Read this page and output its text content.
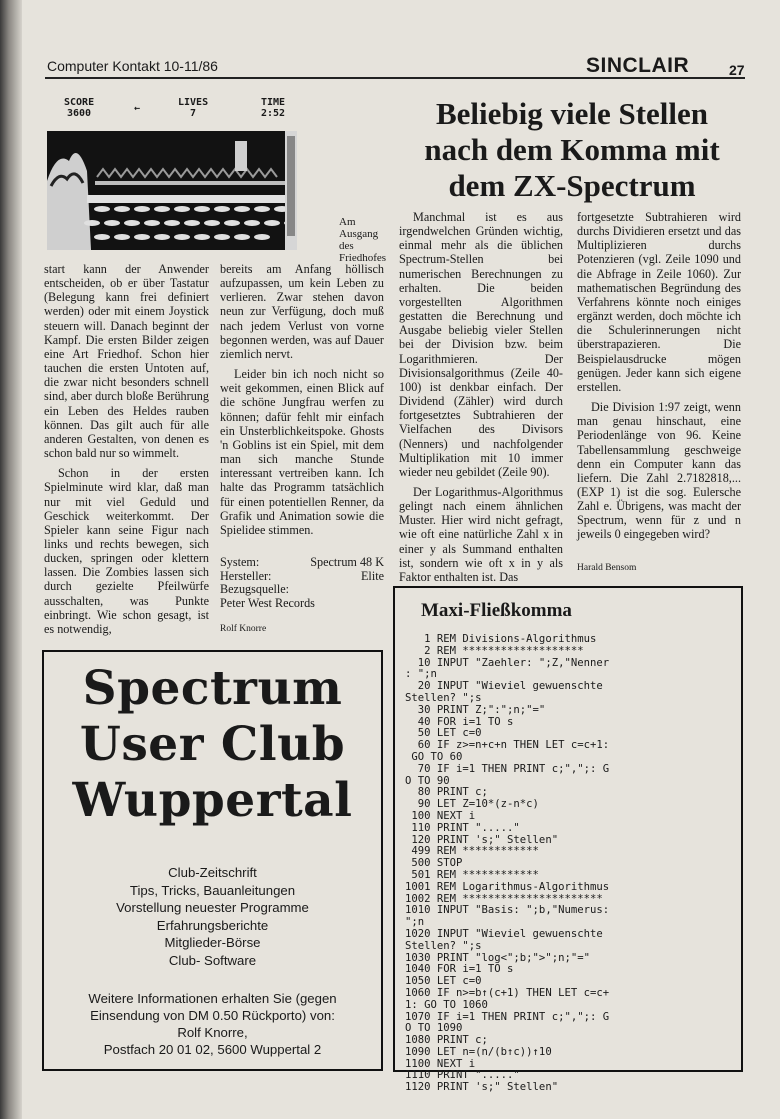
Computer Kontakt 10-11/86	SINCLAIR	27
SCORE
3600	←
LIVES
7
TIME
2:52
Am Ausgang des Friedhofes

start kann der Anwender entscheiden, ob er über Tastatur (Belegung kann frei definiert werden) oder mit einem Joystick steuern will. Danach beginnt der Kampf. Die ersten Bilder zeigen eine Art Friedhof. Schon hier tauchen die ersten Untoten auf, die zwar nicht besonders schnell sind, aber durch bloße Berührung ein Leben des Heldes rauben können. Das gilt auch für alle anderen Gestalten, von denen es schon bald nur so wimmelt.

Schon in der ersten Spielminute wird klar, daß man nur mit viel Geduld und Geschick weiterkommt. Der Spieler kann seine Figur nach links und rechts bewegen, sich ducken, springen oder klettern lassen. Die Zombies lassen sich durch gezielte Pfeilwürfe ausschalten, was Punkte einbringt. Wie schon gesagt, ist es notwendig,

bereits am Anfang höllisch aufzupassen, um kein Leben zu verlieren. Zwar stehen davon neun zur Verfügung, doch muß nach jedem Verlust von vorne begonnen werden, was auf Dauer ziemlich nervt.

Leider bin ich noch nicht so weit gekommen, einen Blick auf die schöne Jungfrau werfen zu können; dafür fehlt mir einfach ein Unsterblichkeitspoke. Ghosts 'n Goblins ist ein Spiel, mit dem man sich manche Stunde interessant vertreiben kann. Ich halte das Programm tatsächlich für einen potentiellen Renner, da Grafik und Animation sowie die Spielidee stimmen.

System:	Spectrum 48 K
Hersteller:	Elite
Bezugsquelle:
Peter West Records
Rolf Knorre
Beliebig viele Stellen nach dem Komma mit dem ZX-Spectrum

Manchmal ist es aus irgendwelchen Gründen wichtig, einmal mehr als die üblichen Spectrum-Stellen bei numerischen Berechnungen zu erhalten. Die beiden vorgestellten Algorithmen gestatten die Berechnung und Ausgabe beliebig vieler Stellen bei der Division bzw. beim Logarithmieren. Der Divisionsalgorithmus (Zeile 40-100) ist denkbar einfach. Der Dividend (Zähler) wird durch fortgesetztes Subtrahieren der Vielfachen des Divisors (Nenners) und nachfolgender Multiplikation mit 10 immer wieder neu gebildet (Zeile 90).

Der Logarithmus-Algorithmus gelingt nach einem ähnlichen Muster. Hier wird nicht gefragt, wie oft eine natürliche Zahl x in einer y als Summand enthalten ist, sondern wie oft x in y als Faktor enthalten ist. Das

fortgesetzte Subtrahieren wird durchs Dividieren ersetzt und das Multiplizieren durchs Potenzieren (vgl. Zeile 1090 und die Abfrage in Zeile 1060). Zur mathematischen Begründung des Verfahrens könnte noch einiges ergänzt werden, doch möchte ich die Schulerinnerungen nicht überstrapazieren. Die Beispielausdrucke mögen genügen. Jeder kann sich eigene erstellen.

Die Division 1:97 zeigt, wenn man genau hinschaut, eine Periodenlänge von 96. Keine Tabellensammlung geschweige denn ein Computer kann das liefern. Die Zahl 2.7182818,... (EXP 1) ist die sog. Eulersche Zahl e. Übrigens, was macht der Spectrum, wenn für z und n jeweils 0 eingegeben wird?

Harald Bensom
Spectrum
User Club
Wuppertal
Club-Zeitschrift
Tips, Tricks, Bauanleitungen
Vorstellung neuester Programme
Erfahrungsberichte
Mitglieder-Börse
Club- Software
Weitere Informationen erhalten Sie (gegen
Einsendung von DM 0.50 Rückporto) von:
Rolf Knorre,
Postfach 20 01 02, 5600 Wuppertal 2
Maxi-Fließkomma
1 REM Divisions-Algorithmus
2 REM *******************
10 INPUT "Zaehler: ";Z,"Nenner
: ";n
20 INPUT "Wieviel gewuenschte
Stellen? ";s
30 PRINT Z;":";n;"="
40 FOR i=1 TO s
50 LET c=0
60 IF z>=n+c+n THEN LET c=c+1:
GO TO 60
70 IF i=1 THEN PRINT c;",";: G
O TO 90
80 PRINT c;
90 LET Z=10*(z-n*c)
100 NEXT i
110 PRINT "....."
120 PRINT 's;" Stellen"
499 REM ************
500 STOP
501 REM ************
1001 REM Logarithmus-Algorithmus
1002 REM **********************
1010 INPUT "Basis: ";b,"Numerus:
";n
1020 INPUT "Wieviel gewuenschte
Stellen? ";s
1030 PRINT "log<";b;">";n;"="
1040 FOR i=1 TO s
1050 LET c=0
1060 IF n>=b↑(c+1) THEN LET c=c+
1: GO TO 1060
1070 IF i=1 THEN PRINT c;",";: G
O TO 1090
1080 PRINT c;
1090 LET n=(n/(b↑c))↑10
1100 NEXT i
1110 PRINT "....."
1120 PRINT 's;" Stellen"
